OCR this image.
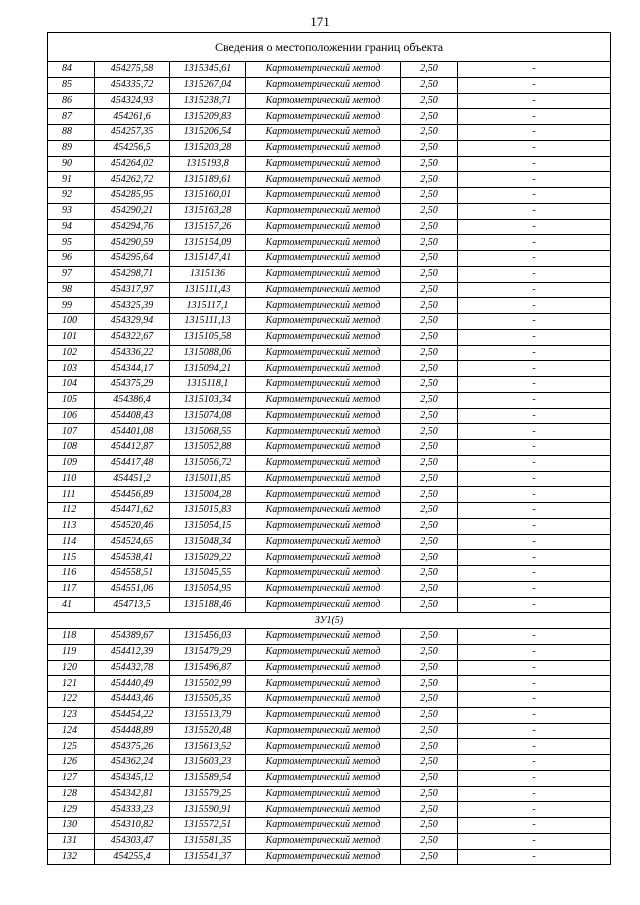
171
Сведения о местоположении границ объекта					
84	454275,58	1315345,61	Картометрический метод	2,50	-
85	454335,72	1315267,04	Картометрический метод	2,50	-
86	454324,93	1315238,71	Картометрический метод	2,50	-
87	454261,6	1315209,83	Картометрический метод	2,50	-
88	454257,35	1315206,54	Картометрический метод	2,50	-
89	454256,5	1315203,28	Картометрический метод	2,50	-
90	454264,02	1315193,8	Картометрический метод	2,50	-
91	454262,72	1315189,61	Картометрический метод	2,50	-
92	454285,95	1315160,01	Картометрический метод	2,50	-
93	454290,21	1315163,28	Картометрический метод	2,50	-
94	454294,76	1315157,26	Картометрический метод	2,50	-
95	454290,59	1315154,09	Картометрический метод	2,50	-
96	454295,64	1315147,41	Картометрический метод	2,50	-
97	454298,71	1315136	Картометрический метод	2,50	-
98	454317,97	1315111,43	Картометрический метод	2,50	-
99	454325,39	1315117,1	Картометрический метод	2,50	-
100	454329,94	1315111,13	Картометрический метод	2,50	-
101	454322,67	1315105,58	Картометрический метод	2,50	-
102	454336,22	1315088,06	Картометрический метод	2,50	-
103	454344,17	1315094,21	Картометрический метод	2,50	-
104	454375,29	1315118,1	Картометрический метод	2,50	-
105	454386,4	1315103,34	Картометрический метод	2,50	-
106	454408,43	1315074,08	Картометрический метод	2,50	-
107	454401,08	1315068,55	Картометрический метод	2,50	-
108	454412,87	1315052,88	Картометрический метод	2,50	-
109	454417,48	1315056,72	Картометрический метод	2,50	-
110	454451,2	1315011,85	Картометрический метод	2,50	-
111	454456,89	1315004,28	Картометрический метод	2,50	-
112	454471,62	1315015,83	Картометрический метод	2,50	-
113	454520,46	1315054,15	Картометрический метод	2,50	-
114	454524,65	1315048,34	Картометрический метод	2,50	-
115	454538,41	1315029,22	Картометрический метод	2,50	-
116	454558,51	1315045,55	Картометрический метод	2,50	-
117	454551,06	1315054,95	Картометрический метод	2,50	-
41	454713,5	1315188,46	Картометрический метод	2,50	-
ЗУ1(5)					
118	454389,67	1315456,03	Картометрический метод	2,50	-
119	454412,39	1315479,29	Картометрический метод	2,50	-
120	454432,78	1315496,87	Картометрический метод	2,50	-
121	454440,49	1315502,99	Картометрический метод	2,50	-
122	454443,46	1315505,35	Картометрический метод	2,50	-
123	454454,22	1315513,79	Картометрический метод	2,50	-
124	454448,89	1315520,48	Картометрический метод	2,50	-
125	454375,26	1315613,52	Картометрический метод	2,50	-
126	454362,24	1315603,23	Картометрический метод	2,50	-
127	454345,12	1315589,54	Картометрический метод	2,50	-
128	454342,81	1315579,25	Картометрический метод	2,50	-
129	454333,23	1315590,91	Картометрический метод	2,50	-
130	454310,82	1315572,51	Картометрический метод	2,50	-
131	454303,47	1315581,35	Картометрический метод	2,50	-
132	454255,4	1315541,37	Картометрический метод	2,50	-
